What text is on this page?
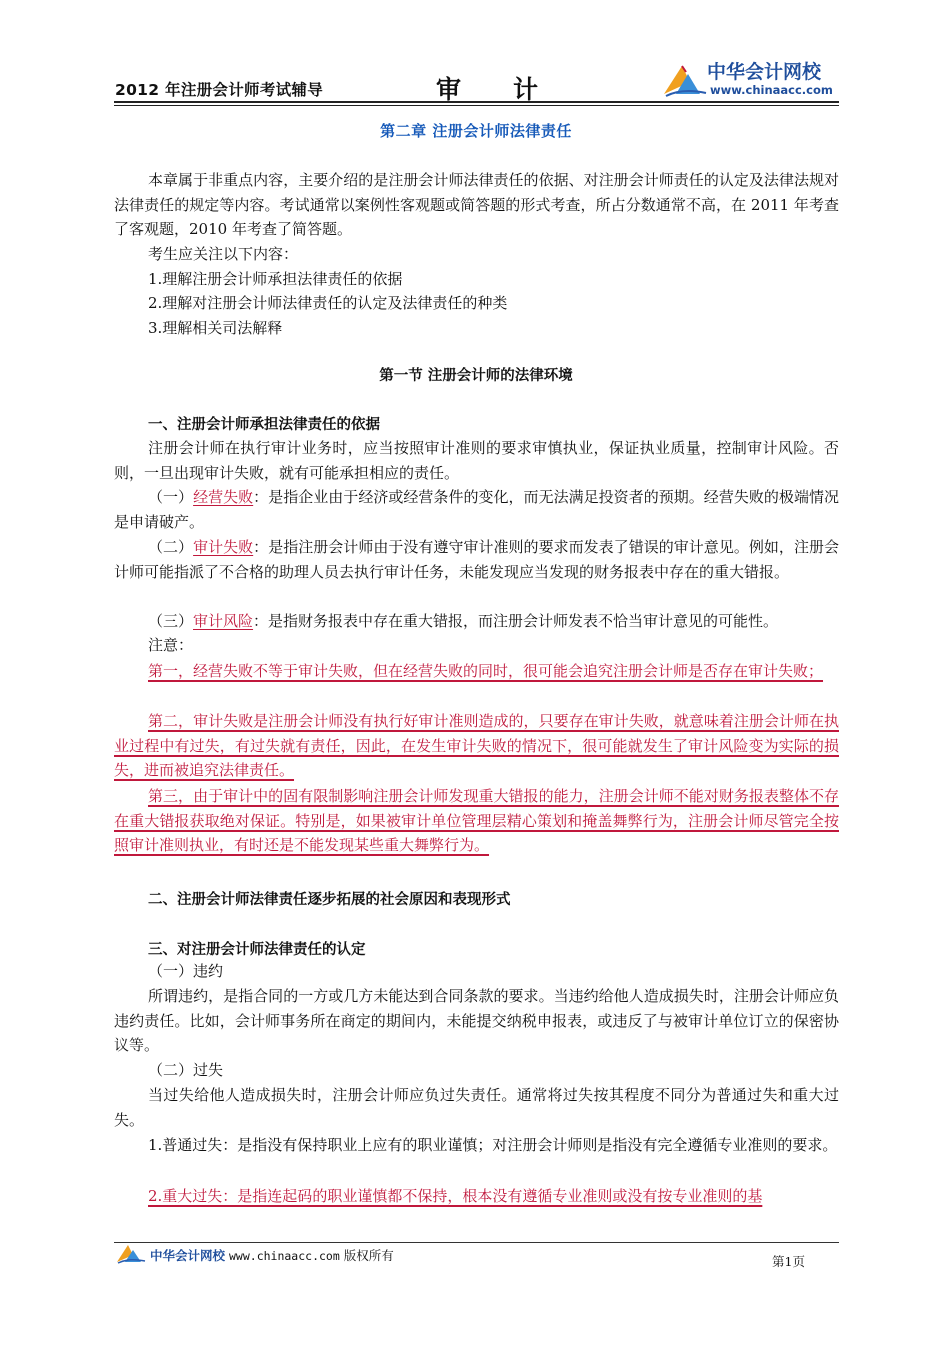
2012 年注册会计师考试辅导	审计
中华会计网校
www.chinaacc.com
第二章 注册会计师法律责任

本章属于非重点内容，主要介绍的是注册会计师法律责任的依据、对注册会计师责任的认定及法律法规对法律责任的规定等内容。考试通常以案例性客观题或简答题的形式考查，所占分数通常不高，在 2011 年考查了客观题，2010 年考查了简答题。

考生应关注以下内容：

1.理解注册会计师承担法律责任的依据

2.理解对注册会计师法律责任的认定及法律责任的种类

3.理解相关司法解释

第一节 注册会计师的法律环境
一、注册会计师承担法律责任的依据

注册会计师在执行审计业务时，应当按照审计准则的要求审慎执业，保证执业质量，控制审计风险。否则，一旦出现审计失败，就有可能承担相应的责任。

（一）经营失败：是指企业由于经济或经营条件的变化，而无法满足投资者的预期。经营失败的极端情况是申请破产。

（二）审计失败：是指注册会计师由于没有遵守审计准则的要求而发表了错误的审计意见。例如，注册会计师可能指派了不合格的助理人员去执行审计任务，未能发现应当发现的财务报表中存在的重大错报。

（三）审计风险：是指财务报表中存在重大错报，而注册会计师发表不恰当审计意见的可能性。

注意：

第一，经营失败不等于审计失败，但在经营失败的同时，很可能会追究注册会计师是否存在审计失败；

第二，审计失败是注册会计师没有执行好审计准则造成的，只要存在审计失败，就意味着注册会计师在执业过程中有过失，有过失就有责任，因此，在发生审计失败的情况下，很可能就发生了审计风险变为实际的损失，进而被追究法律责任。

第三，由于审计中的固有限制影响注册会计师发现重大错报的能力，注册会计师不能对财务报表整体不存在重大错报获取绝对保证。特别是，如果被审计单位管理层精心策划和掩盖舞弊行为，注册会计师尽管完全按照审计准则执业，有时还是不能发现某些重大舞弊行为。

二、注册会计师法律责任逐步拓展的社会原因和表现形式
三、对注册会计师法律责任的认定

（一）违约

所谓违约，是指合同的一方或几方未能达到合同条款的要求。当违约给他人造成损失时，注册会计师应负违约责任。比如，会计师事务所在商定的期间内，未能提交纳税申报表，或违反了与被审计单位订立的保密协议等。

（二）过失

当过失给他人造成损失时，注册会计师应负过失责任。通常将过失按其程度不同分为普通过失和重大过失。

1.普通过失：是指没有保持职业上应有的职业谨慎；对注册会计师则是指没有完全遵循专业准则的要求。

2.重大过失：是指连起码的职业谨慎都不保持，根本没有遵循专业准则或没有按专业准则的基

中华会计网校 www.chinaacc.com 版权所有	第1页
